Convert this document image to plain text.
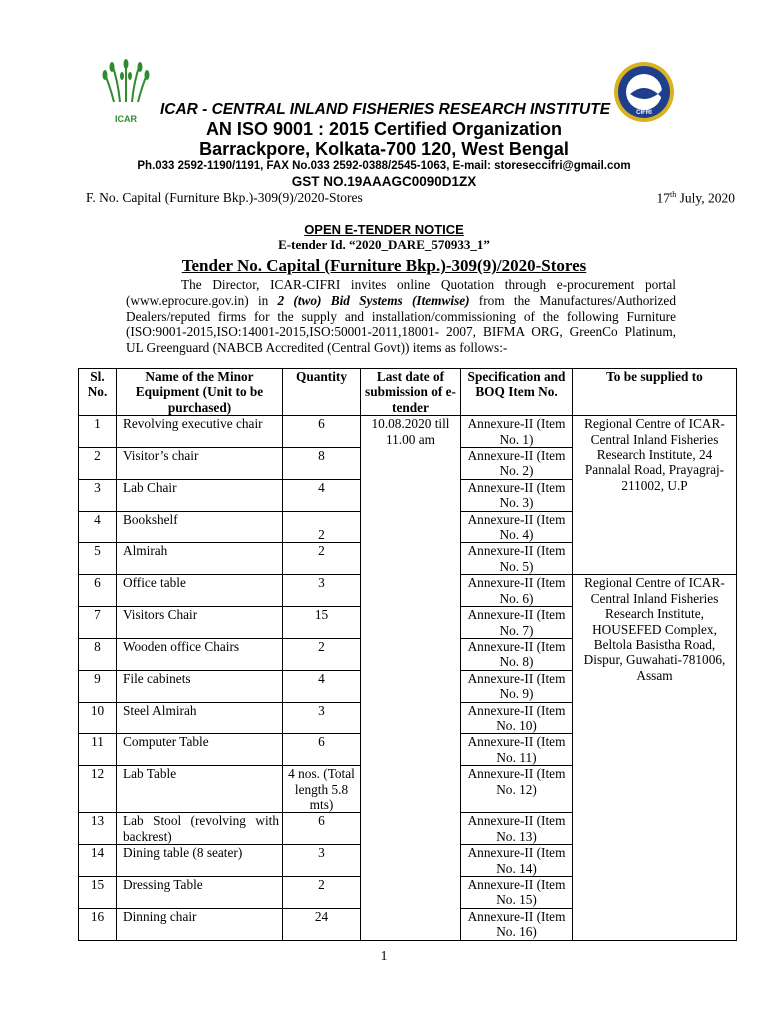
ICAR
CIFRI
ICAR - CENTRAL INLAND FISHERIES RESEARCH INSTITUTE
AN ISO 9001 : 2015 Certified Organization
Barrackpore, Kolkata-700 120, West Bengal
Ph.033 2592-1190/1191, FAX No.033 2592-0388/2545-1063, E-mail: storeseccifri@gmail.com
GST NO.19AAAGC0090D1ZX
F. No. Capital (Furniture Bkp.)-309(9)/2020-Stores	17th July, 2020
OPEN E-TENDER NOTICE
E-tender Id. “2020_DARE_570933_1”
Tender No. Capital (Furniture Bkp.)-309(9)/2020-Stores
The Director, ICAR-CIFRI invites online Quotation through e-procurement portal (www.eprocure.gov.in) in 2 (two) Bid Systems (Itemwise) from the Manufactures/Authorized Dealers/reputed firms for the supply and installation/commissioning of the following Furniture (ISO:9001-2015,ISO:14001-2015,ISO:50001-2011,18001- 2007, BIFMA ORG, GreenCo Platinum, UL Greenguard (NABCB Accredited (Central Govt)) items as follows:-
Sl. No.	Name of the Minor Equipment (Unit to be purchased)	Quantity	Last date of submission of e-tender	Specification and BOQ Item No.	To be supplied to
1	Revolving executive chair	6	10.08.2020 till 11.00 am	Annexure-II (Item No. 1)	Regional Centre of ICAR-Central Inland Fisheries Research Institute, 24 Pannalal Road, Prayagraj-211002, U.P
2	Visitor’s chair	8		Annexure-II (Item No. 2)	
3	Lab Chair	4		Annexure-II (Item No. 3)	
4	Bookshelf	2		Annexure-II (Item No. 4)	
5	Almirah	2		Annexure-II (Item No. 5)	
6	Office table	3		Annexure-II (Item No. 6)	Regional Centre of ICAR-Central Inland Fisheries Research Institute, HOUSEFED Complex, Beltola Basistha Road, Dispur, Guwahati-781006, Assam
7	Visitors Chair	15		Annexure-II (Item No. 7)	
8	Wooden office Chairs	2		Annexure-II (Item No. 8)	
9	File cabinets	4		Annexure-II (Item No. 9)	
10	Steel Almirah	3		Annexure-II (Item No. 10)	
11	Computer Table	6		Annexure-II (Item No. 11)	
12	Lab Table	4 nos. (Total length 5.8 mts)		Annexure-II (Item No. 12)	
13	Lab Stool (revolving with backrest)	6		Annexure-II (Item No. 13)	
14	Dining table (8 seater)	3		Annexure-II (Item No. 14)	
15	Dressing Table	2		Annexure-II (Item No. 15)	
16	Dinning chair	24		Annexure-II (Item No. 16)	
1
